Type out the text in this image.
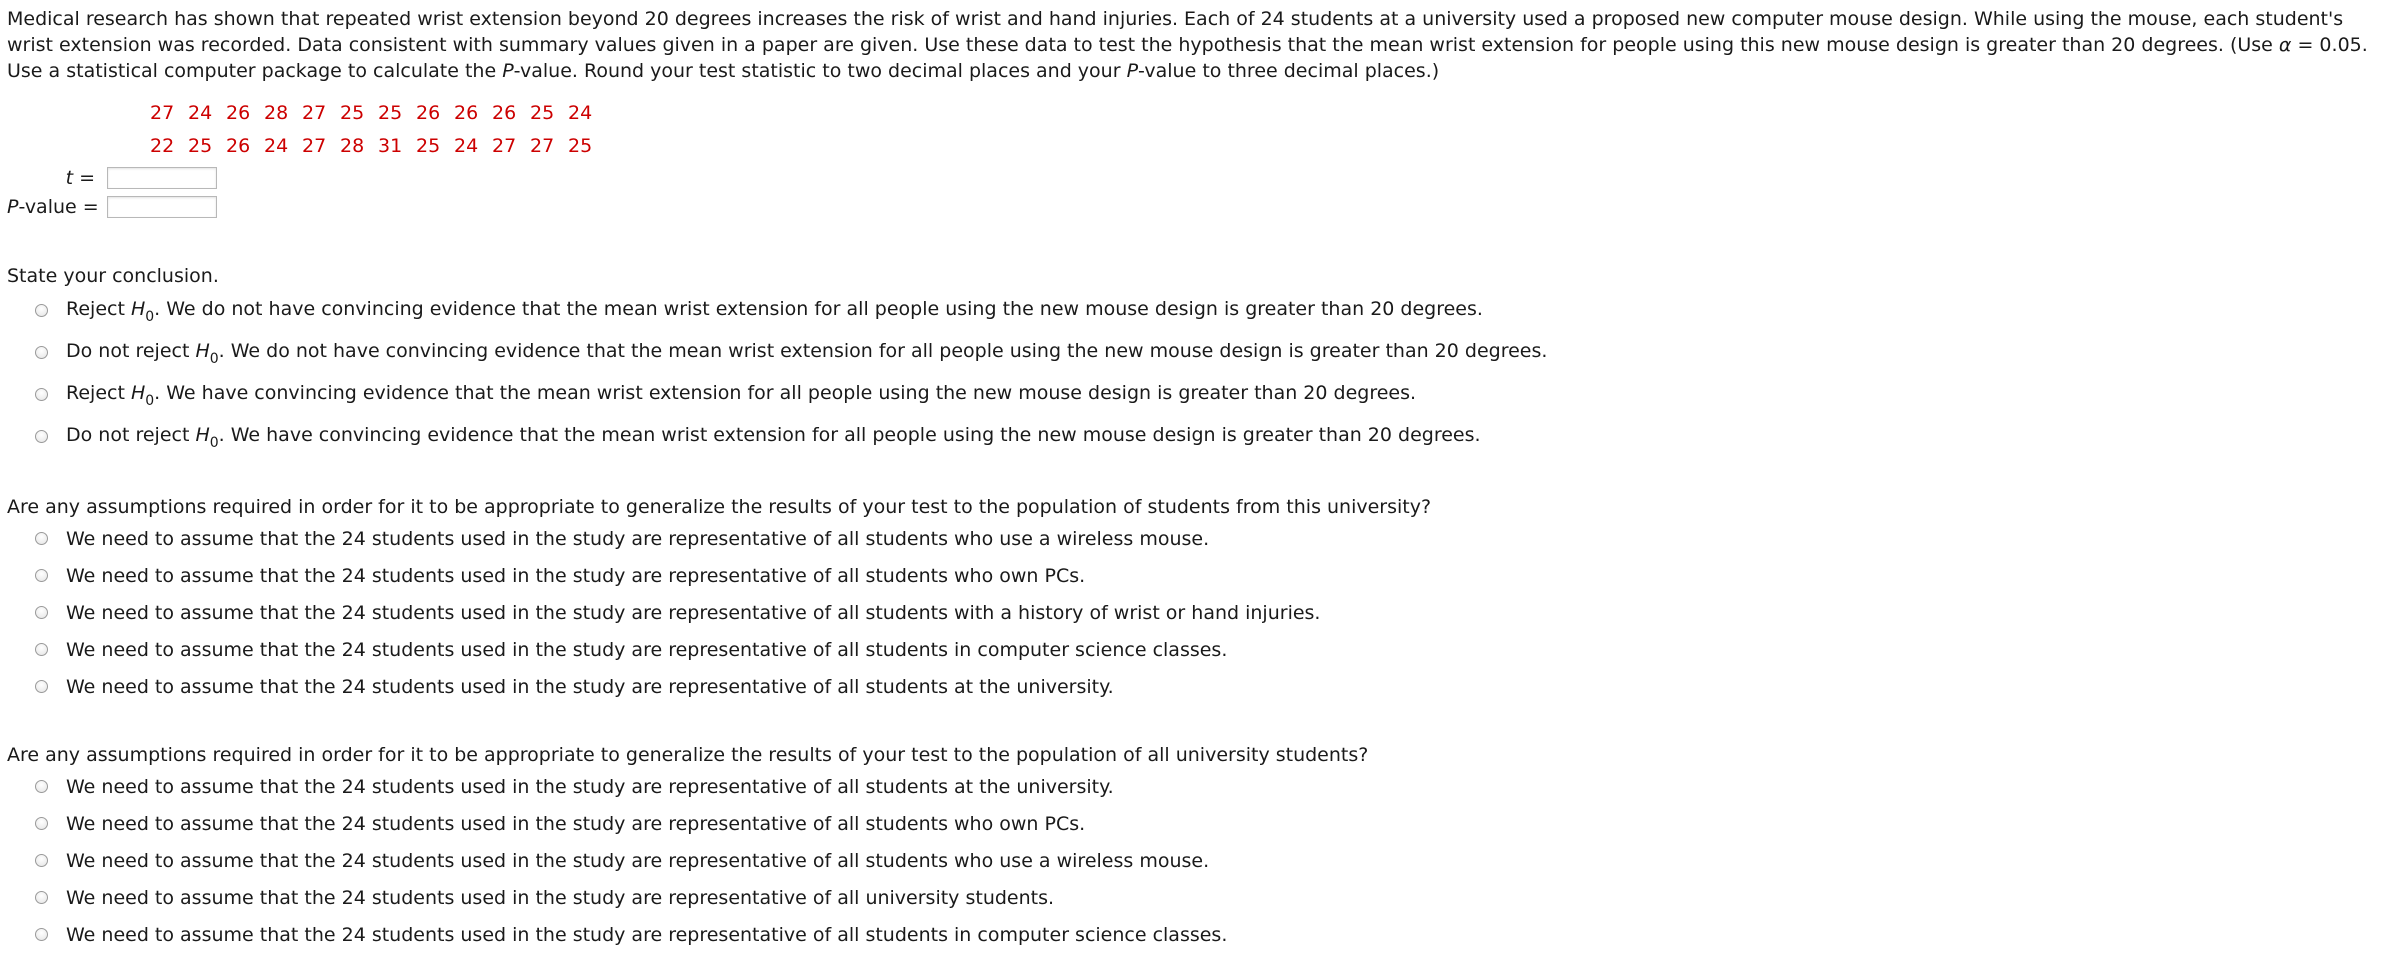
Medical research has shown that repeated wrist extension beyond 20 degrees increases the risk of wrist and hand injuries. Each of 24 students at a university used a proposed new computer mouse design. While using the mouse, each student's wrist extension was recorded. Data consistent with summary values given in a paper are given. Use these data to test the hypothesis that the mean wrist extension for people using this new mouse design is greater than 20 degrees. (Use α = 0.05. Use a statistical computer package to calculate the P-value. Round your test statistic to two decimal places and your P-value to three decimal places.)

27 24 26 28 27 25 25 26 26 26 25 24
22 25 26 24 27 28 31 25 24 27 27 25
t =
P-value =
State your conclusion.
Reject $H_0$. We do not have convincing evidence that the mean wrist extension for all people using the new mouse design is greater than 20 degrees.
Do not reject $H_0$. We do not have convincing evidence that the mean wrist extension for all people using the new mouse design is greater than 20 degrees.
Reject $H_0$. We have convincing evidence that the mean wrist extension for all people using the new mouse design is greater than 20 degrees.
Do not reject $H_0$. We have convincing evidence that the mean wrist extension for all people using the new mouse design is greater than 20 degrees.
Are any assumptions required in order for it to be appropriate to generalize the results of your test to the population of students from this university?
We need to assume that the 24 students used in the study are representative of all students who use a wireless mouse.
We need to assume that the 24 students used in the study are representative of all students who own PCs.
We need to assume that the 24 students used in the study are representative of all students with a history of wrist or hand injuries.
We need to assume that the 24 students used in the study are representative of all students in computer science classes.
We need to assume that the 24 students used in the study are representative of all students at the university.
Are any assumptions required in order for it to be appropriate to generalize the results of your test to the population of all university students?
We need to assume that the 24 students used in the study are representative of all students at the university.
We need to assume that the 24 students used in the study are representative of all students who own PCs.
We need to assume that the 24 students used in the study are representative of all students who use a wireless mouse.
We need to assume that the 24 students used in the study are representative of all university students.
We need to assume that the 24 students used in the study are representative of all students in computer science classes.
